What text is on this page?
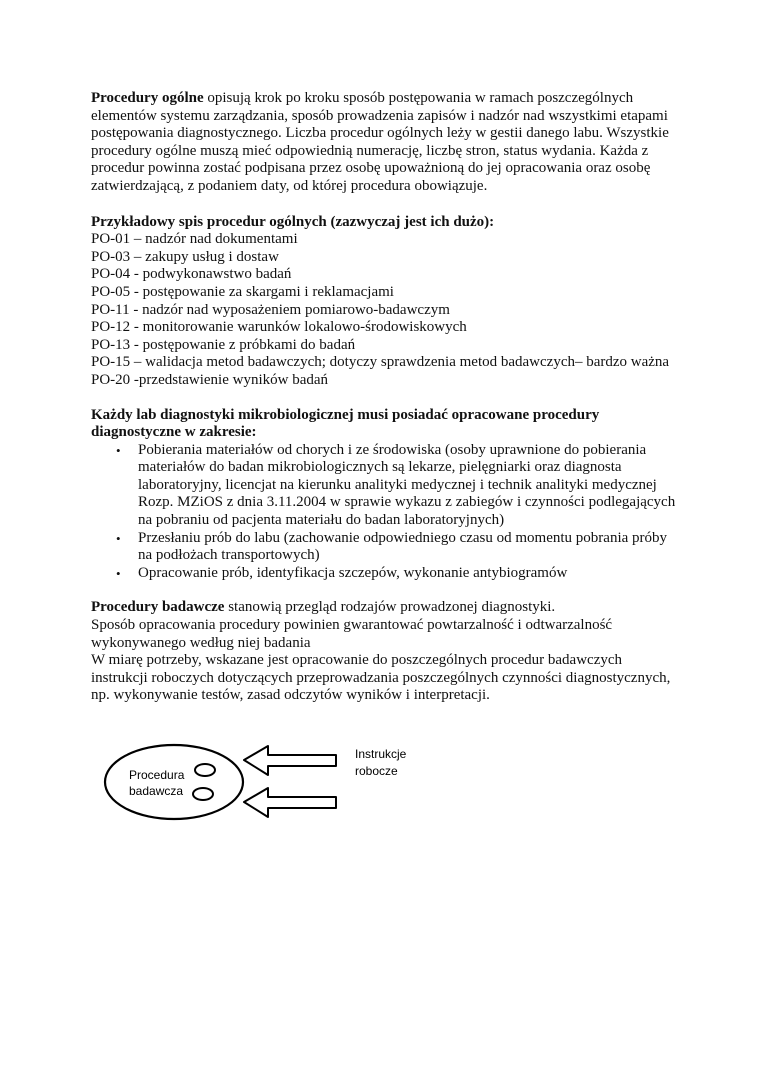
Procedury ogólne opisują krok po kroku sposób postępowania w ramach poszczególnych elementów systemu zarządzania, sposób prowadzenia zapisów i nadzór nad wszystkimi etapami postępowania diagnostycznego. Liczba procedur ogólnych leży w gestii danego labu. Wszystkie procedury ogólne muszą mieć odpowiednią numerację, liczbę stron, status wydania. Każda z procedur powinna zostać podpisana przez osobę upoważnioną do jej opracowania oraz osobę zatwierdzającą, z podaniem daty, od której procedura obowiązuje.

Przykładowy spis procedur ogólnych (zazwyczaj jest ich dużo):

PO-01 – nadzór nad dokumentami
PO-03 – zakupy usług i dostaw
PO-04 - podwykonawstwo badań
PO-05 - postępowanie za skargami i reklamacjami
PO-11 - nadzór nad wyposażeniem pomiarowo-badawczym
PO-12 - monitorowanie warunków lokalowo-środowiskowych
PO-13 - postępowanie z próbkami do badań
PO-15 – walidacja metod badawczych; dotyczy sprawdzenia metod badawczych– bardzo ważna
PO-20 -przedstawienie wyników badań

Każdy lab diagnostyki mikrobiologicznej musi posiadać opracowane procedury diagnostyczne w zakresie:

• Pobierania materiałów od chorych i ze środowiska (osoby uprawnione do pobierania materiałów do badan mikrobiologicznych są lekarze, pielęgniarki oraz diagnosta laboratoryjny, licencjat na kierunku analityki medycznej i technik analityki medycznej Rozp. MZiOS z dnia 3.11.2004 w sprawie wykazu z zabiegów i czynności podlegających na pobraniu od pacjenta materiału do badan laboratoryjnych)
• Przesłaniu prób do labu (zachowanie odpowiedniego czasu od momentu pobrania próby na podłożach transportowych)
• Opracowanie prób, identyfikacja szczepów, wykonanie antybiogramów

Procedury badawcze stanowią przegląd rodzajów prowadzonej diagnostyki.

Sposób opracowania procedury powinien gwarantować powtarzalność i odtwarzalność wykonywanego według niej badania

W miarę potrzeby, wskazane jest opracowanie do poszczególnych procedur badawczych instrukcji roboczych dotyczących przeprowadzania poszczególnych czynności diagnostycznych, np. wykonywanie testów, zasad odczytów wyników i interpretacji.

Procedura
badawcza
Instrukcje
robocze
